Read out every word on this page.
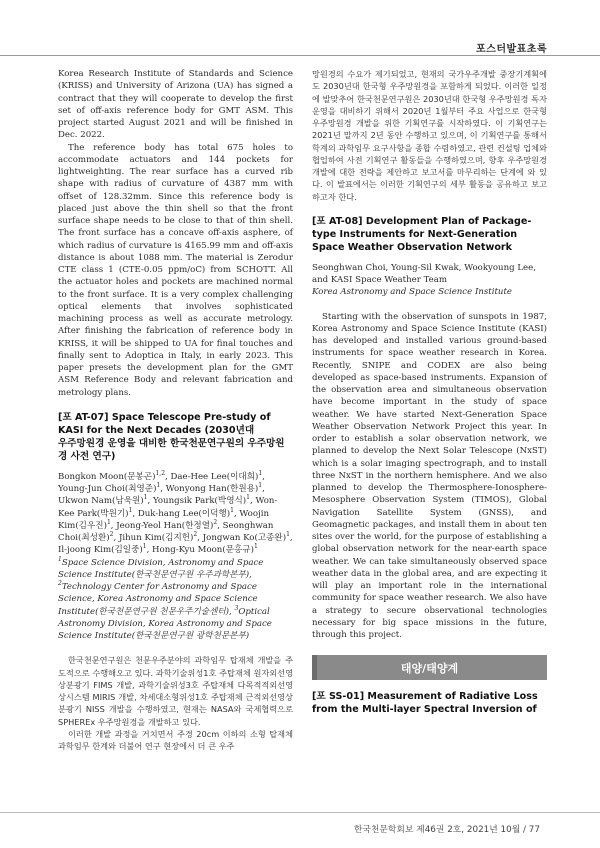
포스터발표초록

Korea Research Institute of Standards and Science (KRISS) and University of Arizona (UA) has signed a contract that they will cooperate to develop the first set of off-axis reference body for GMT ASM. This project started August 2021 and will be finished in Dec. 2022.

The reference body has total 675 holes to accommodate actuators and 144 pockets for lightweighting. The rear surface has a curved rib shape with radius of curvature of 4387 mm with offset of 128.32mm. Since this reference body is placed just above the thin shell so that the front surface shape needs to be close to that of thin shell. The front surface has a concave off-axis asphere, of which radius of curvature is 4165.99 mm and off-axis distance is about 1088 mm. The material is Zerodur CTE class 1 (CTE-0.05 ppm/oC) from SCHOTT. All the actuator holes and pockets are machined normal to the front surface. It is a very complex challenging optical elements that involves sophisticated machining process as well as accurate metrology. After finishing the fabrication of reference body in KRISS, it will be shipped to UA for final touches and finally sent to Adoptica in Italy, in early 2023. This paper presets the development plan for the GMT ASM Reference Body and relevant fabrication and metrology plans.

[포 AT-07] Space Telescope Pre-study of KASI for the Next Decades (2030년대
우주망원경 운영을 대비한 한국천문연구원의 우주망원경 사전 연구)

Bongkon Moon(문봉곤)$^{1,2}$, Dae-Hee Lee(이대희)$^1$, Young-Jun Choi(최영준)$^1$, Wonyong Han(한원용)$^1$, Ukwon Nam(남욱원)$^1$, Youngsik Park(박영식)$^1$, Won-Kee Park(박원기)$^1$, Duk-hang Lee(이덕행)$^1$, Woojin Kim(김우진)$^1$, Jeong-Yeol Han(한정열)$^2$, Seonghwan Choi(최성환)$^2$, Jihun Kim(김지헌)$^2$, Jongwan Ko(고종완)$^1$, Il-joong Kim(김일중)$^1$, Hong-Kyu Moon(문홍규)$^1$

$^1$Space Science Division, Astronomy and Space Science Institute(한국천문연구원 우주과학본부), $^2$Technology Center for Astronomy and Space Science, Korea Astronomy and Space Science Institute(한국천문연구원 천문우주기술센터), $^3$Optical Astronomy Division, Korea Astronomy and Space Science Institute(한국천문연구원 광학천문본부)

한국천문연구원은 천문우주분야의 과학임무 탑재체 개발을 주도적으로 수행해오고 있다. 과학기술위성1호 주탑재체 원자외선영상분광기 FIMS 개발, 과학기술위성3호 주탑재체 다목적적외선영상시스템 MIRIS 개발, 차세대소형위성1호 주탑재체 근적외선영상분광기 NISS 개발을 수행하였고, 현재는 NASA와 국제협력으로 SPHEREx 우주망원경을 개발하고 있다.

이러한 개발 과정을 거치면서 주경 20cm 이하의 소형 탑재체 과학임무 한계와 더불어 연구 현장에서 더 큰 우주

망원경의 수요가 제기되었고, 현재의 국가우주개발 중장기계획에도 2030년대 한국형 우주망원경을 포함하게 되었다. 이러한 일정에 발맞추어 한국천문연구원은 2030년대 한국형 우주망원경 독자 운영을 대비하기 위해서 2020년 1월부터 주요 사업으로 한국형 우주망원경 개발을 위한 기획연구를 시작하였다. 이 기획연구는 2021년 말까지 2년 동안 수행하고 있으며, 이 기획연구를 통해서 학계의 과학임무 요구사항을 종합 수렴하였고, 관련 컨설팅 업체와 협업하여 사전 기획연구 활동들을 수행하였으며, 향후 우주망원경 개발에 대한 전략을 제안하고 보고서를 마무리하는 단계에 와 있다. 이 발표에서는 이러한 기획연구의 세부 활동을 공유하고 보고하고자 한다.

[포 AT-08] Development Plan of Package-type Instruments for Next-Generation Space Weather Observation Network

Seonghwan Choi, Young-Sil Kwak, Wookyoung Lee, and KASI Space Weather Team

Korea Astronomy and Space Science Institute

Starting with the observation of sunspots in 1987, Korea Astronomy and Space Science Institute (KASI) has developed and installed various ground-based instruments for space weather research in Korea. Recently, SNIPE and CODEX are also being developed as space-based instruments. Expansion of the observation area and simultaneous observation have become important in the study of space weather. We have started Next-Generation Space Weather Observation Network Project this year. In order to establish a solar observation network, we planned to develop the Next Solar Telescope (NxST) which is a solar imaging spectrograph, and to install three NxST in the northern hemisphere. And we also planned to develop the Thermosphere-Ionosphere-Mesosphere Observation System (TIMOS), Global Navigation Satellite System (GNSS), and Geomagnetic packages, and install them in about ten sites over the world, for the purpose of establishing a global observation network for the near-earth space weather. We can take simultaneously observed space weather data in the global area, and are expecting it will play an important role in the international community for space weather research. We also have a strategy to secure observational technologies necessary for big space missions in the future, through this project.

태양/태양계

[포 SS-01] Measurement of Radiative Loss from the Multi-layer Spectral Inversion of

한국천문학회보 제46권 2호, 2021년 10월 / 77
